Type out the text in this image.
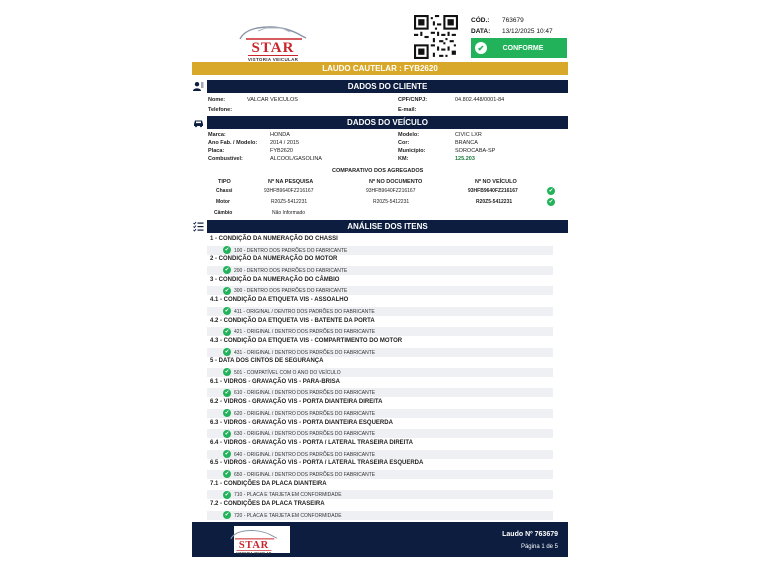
STAR
VISTORIA VEICULAR
CÓD.: 763679
DATA: 13/12/2025 10:47
✔	CONFORME
LAUDO CAUTELAR : FYB2620
DADOS DO CLIENTE
Nome:	VALCAR VEICULOS	CPF/CNPJ:	04.802.448/0001-84
Telefone:	E-mail:
DADOS DO VEÍCULO
Marca:	HONDA
Ano Fab. / Modelo: 2014 / 2015
Placa:	FYB2620
Combustível:	ALCOOL/GASOLINA
Modelo:	CIVIC LXR
Cor:	BRANCA
Município:	SOROCABA-SP
KM:	125.203
COMPARATIVO DOS AGREGADOS
TIPO	Nº NA PESQUISA	Nº NO DOCUMENTO	Nº NO VEÍCULO
Chassi	93HFB9640FZ216167	93HFB9640FZ216167	93HFB9640FZ216167	✔
Motor	R20Z5-5412231	R20Z5-5412231	R20Z5-5412231	✔
Câmbio	Não Informado
ANÁLISE DOS ITENS
1 - CONDIÇÃO DA NUMERAÇÃO DO CHASSI
✔ 100 - DENTRO DOS PADRÕES DO FABRICANTE
2 - CONDIÇÃO DA NUMERAÇÃO DO MOTOR
✔ 200 - DENTRO DOS PADRÕES DO FABRICANTE
3 - CONDIÇÃO DA NUMERAÇÃO DO CÂMBIO
✔ 300 - DENTRO DOS PADRÕES DO FABRICANTE
4.1 - CONDIÇÃO DA ETIQUETA VIS - ASSOALHO
✔ 411 - ORIGINAL / DENTRO DOS PADRÕES DO FABRICANTE
4.2 - CONDIÇÃO DA ETIQUETA VIS - BATENTE DA PORTA
✔ 421 - ORIGINAL / DENTRO DOS PADRÕES DO FABRICANTE
4.3 - CONDIÇÃO DA ETIQUETA VIS - COMPARTIMENTO DO MOTOR
✔ 431 - ORIGINAL / DENTRO DOS PADRÕES DO FABRICANTE
5 - DATA DOS CINTOS DE SEGURANÇA
✔ 501 - COMPATÍVEL COM O ANO DO VEÍCULO
6.1 - VIDROS - GRAVAÇÃO VIS - PARA-BRISA
✔ 610 - ORIGINAL / DENTRO DOS PADRÕES DO FABRICANTE
6.2 - VIDROS - GRAVAÇÃO VIS - PORTA DIANTEIRA DIREITA
✔ 620 - ORIGINAL / DENTRO DOS PADRÕES DO FABRICANTE
6.3 - VIDROS - GRAVAÇÃO VIS - PORTA DIANTEIRA ESQUERDA
✔ 630 - ORIGINAL / DENTRO DOS PADRÕES DO FABRICANTE
6.4 - VIDROS - GRAVAÇÃO VIS - PORTA / LATERAL TRASEIRA DIREITA
✔ 640 - ORIGINAL / DENTRO DOS PADRÕES DO FABRICANTE
6.5 - VIDROS - GRAVAÇÃO VIS - PORTA / LATERAL TRASEIRA ESQUERDA
✔ 650 - ORIGINAL / DENTRO DOS PADRÕES DO FABRICANTE
7.1 - CONDIÇÕES DA PLACA DIANTEIRA
✔ 710 - PLACA E TARJETA EM CONFORMIDADE
7.2 - CONDIÇÕES DA PLACA TRASEIRA
✔ 720 - PLACA E TARJETA EM CONFORMIDADE
STAR
VISTORIA VEICULAR
Laudo Nº 763679
Página 1 de 5
